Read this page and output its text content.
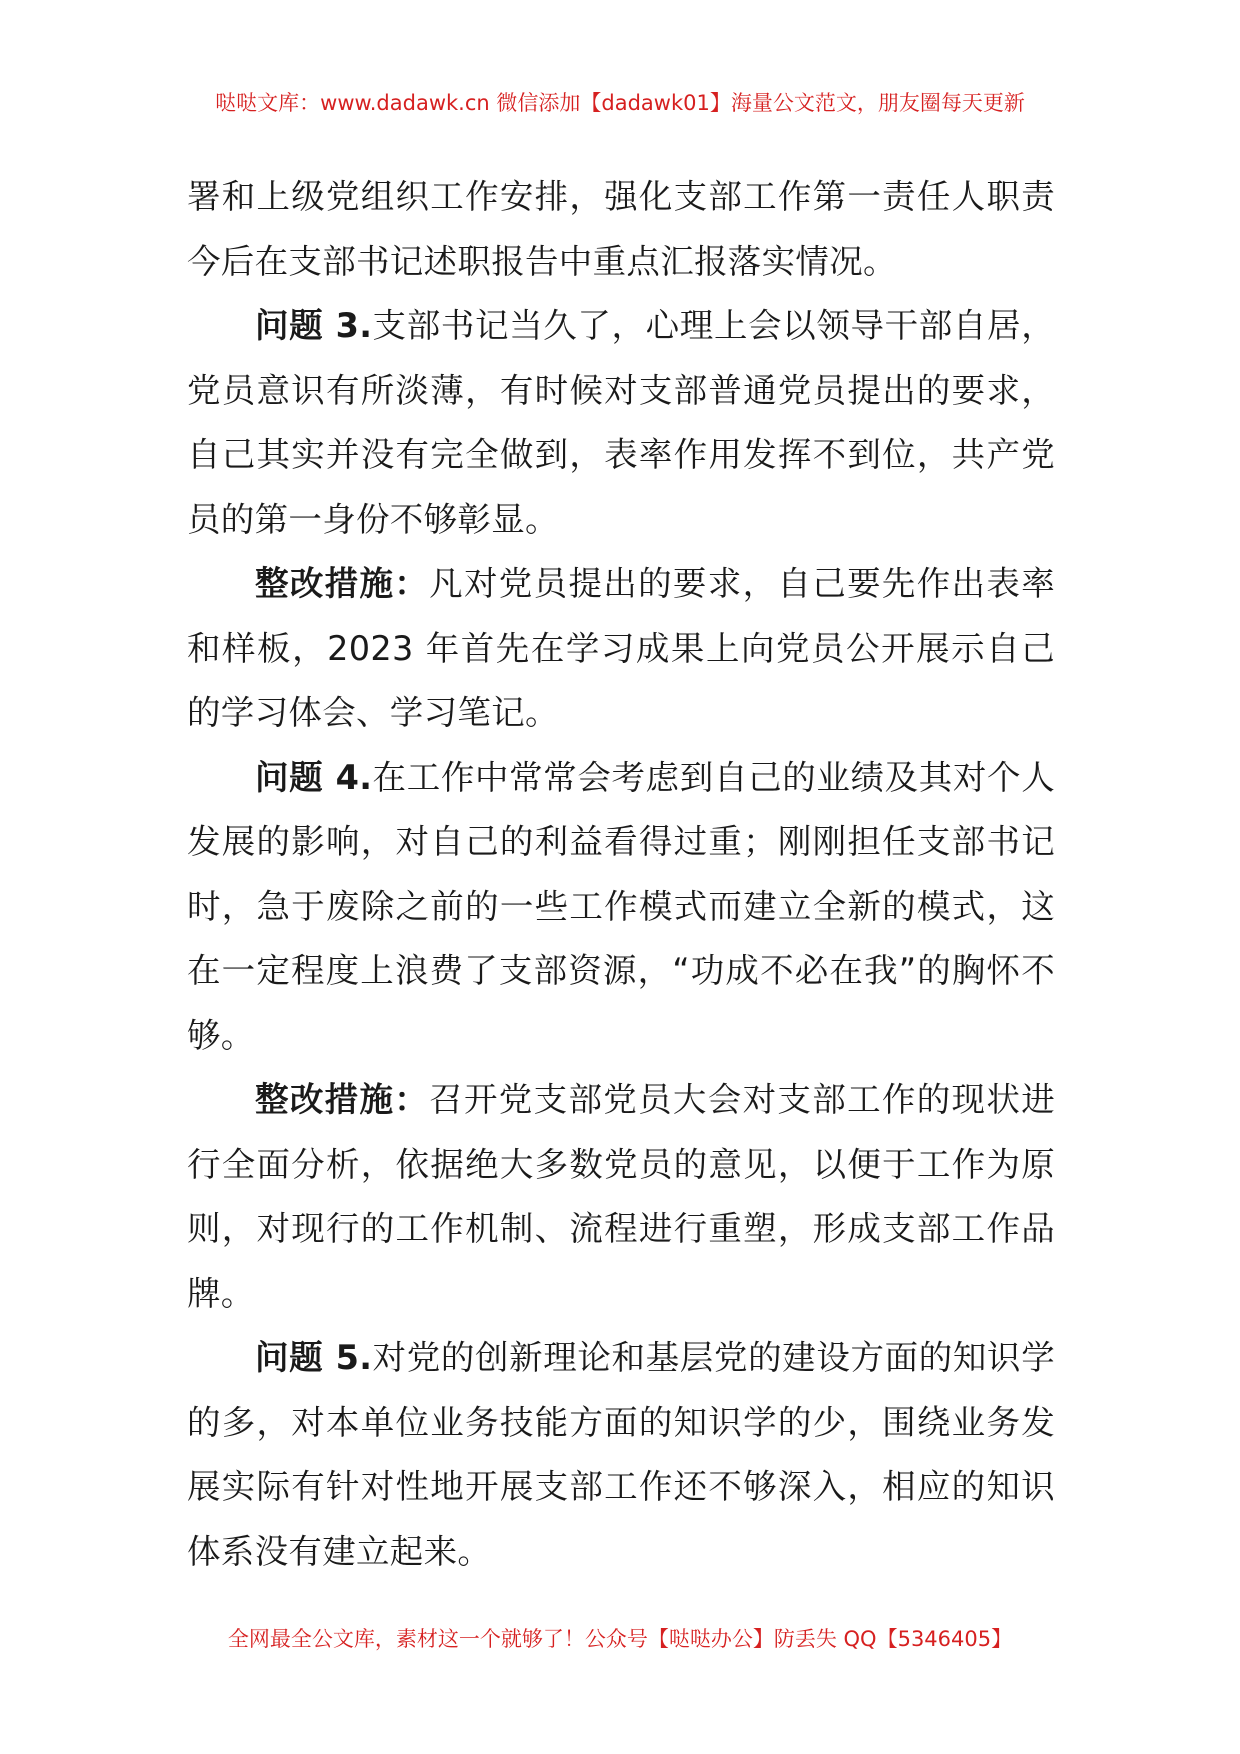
哒哒文库：www.dadawk.cn 微信添加【dadawk01】海量公文范文，朋友圈每天更新

署和上级党组织工作安排，强化支部工作第一责任人职责今后在支部书记述职报告中重点汇报落实情况。

问题 3.支部书记当久了，心理上会以领导干部自居，党员意识有所淡薄，有时候对支部普通党员提出的要求，自己其实并没有完全做到，表率作用发挥不到位，共产党员的第一身份不够彰显。

整改措施：凡对党员提出的要求，自己要先作出表率和样板，2023 年首先在学习成果上向党员公开展示自己的学习体会、学习笔记。

问题 4.在工作中常常会考虑到自己的业绩及其对个人发展的影响，对自己的利益看得过重；刚刚担任支部书记时，急于废除之前的一些工作模式而建立全新的模式，这在一定程度上浪费了支部资源，“功成不必在我”的胸怀不够。

整改措施：召开党支部党员大会对支部工作的现状进行全面分析，依据绝大多数党员的意见，以便于工作为原则，对现行的工作机制、流程进行重塑，形成支部工作品牌。

问题 5.对党的创新理论和基层党的建设方面的知识学的多，对本单位业务技能方面的知识学的少，围绕业务发展实际有针对性地开展支部工作还不够深入，相应的知识体系没有建立起来。

全网最全公文库，素材这一个就够了！公众号【哒哒办公】防丢失 QQ【5346405】
